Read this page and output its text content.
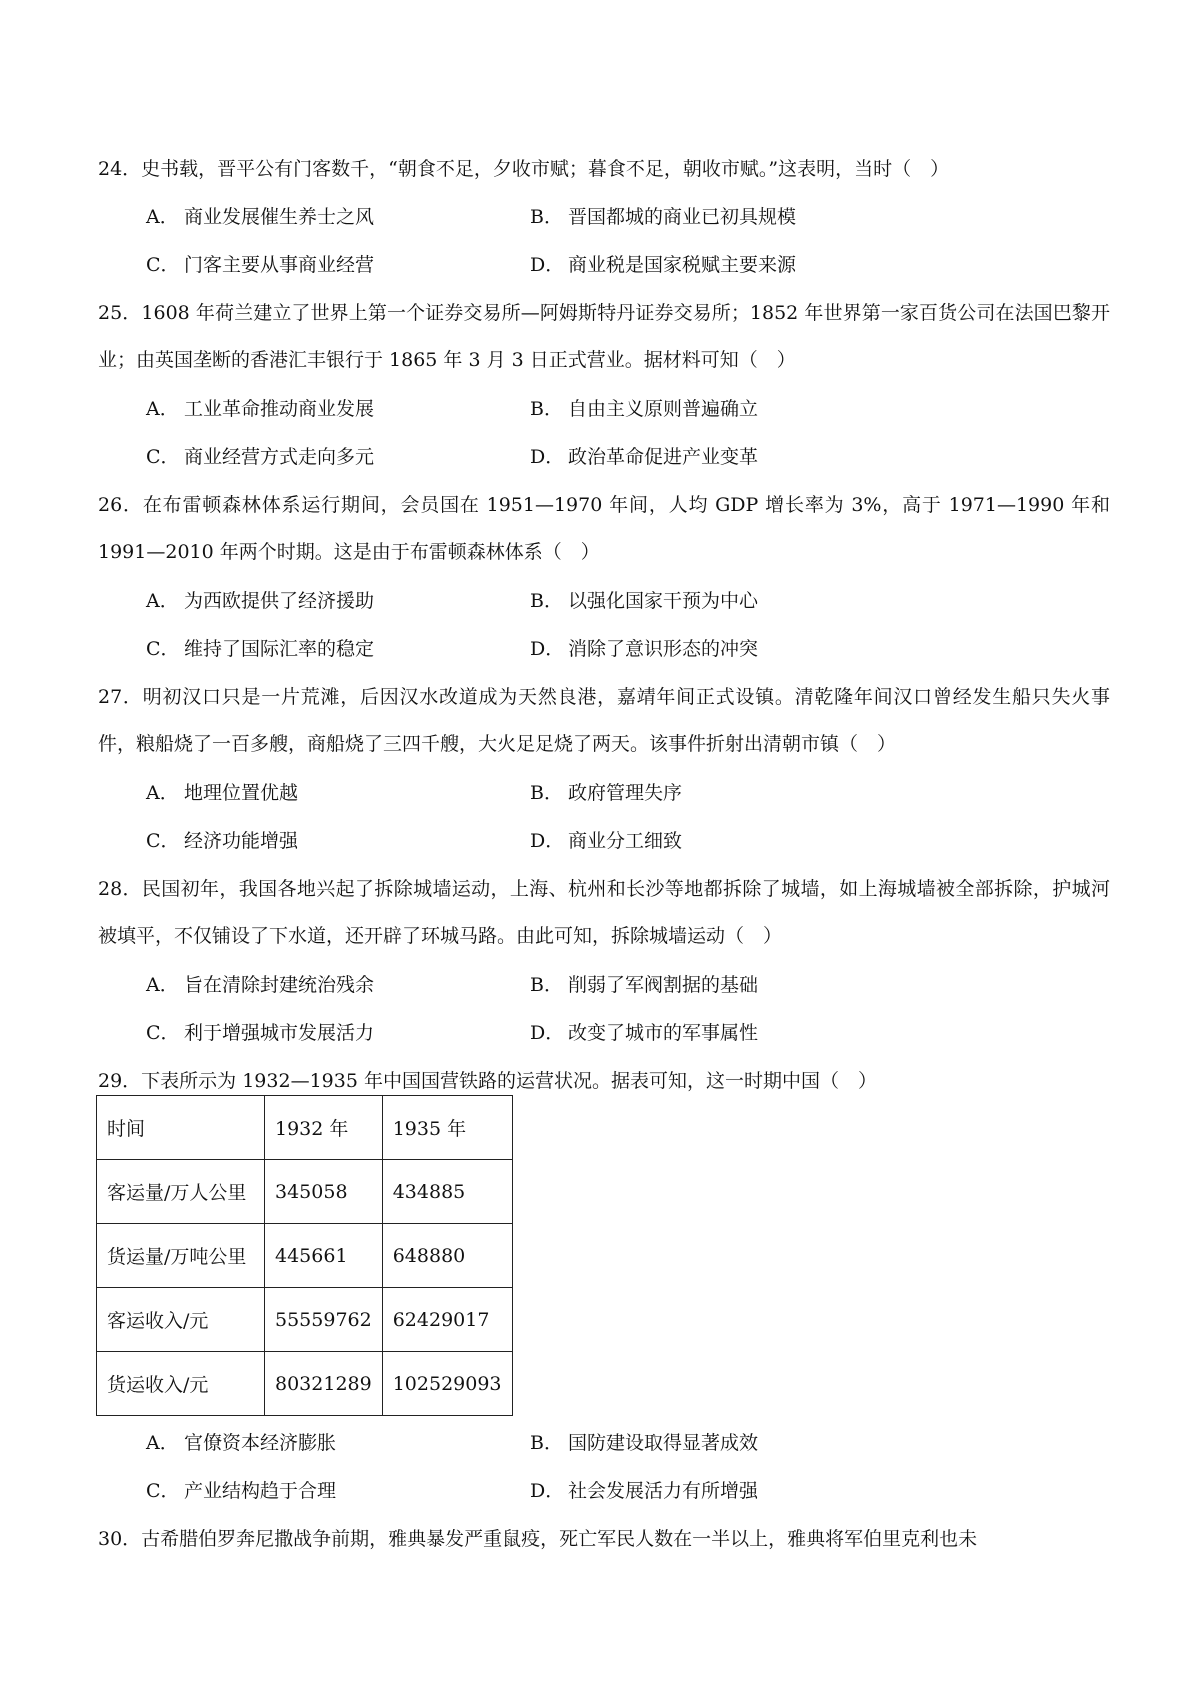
24．史书载，晋平公有门客数千，“朝食不足，夕收市赋；暮食不足，朝收市赋。”这表明，当时（　）

A． 商业发展催生养士之风	B． 晋国都城的商业已初具规模
C． 门客主要从事商业经营	D． 商业税是国家税赋主要来源

25．1608 年荷兰建立了世界上第一个证券交易所—阿姆斯特丹证券交易所；1852 年世界第一家百货公司在法国巴黎开业；由英国垄断的香港汇丰银行于 1865 年 3 月 3 日正式营业。据材料可知（　）

A． 工业革命推动商业发展	B． 自由主义原则普遍确立
C． 商业经营方式走向多元	D． 政治革命促进产业变革

26．在布雷顿森林体系运行期间，会员国在 1951—1970 年间，人均 GDP 增长率为 3%，高于 1971—1990 年和 1991—2010 年两个时期。这是由于布雷顿森林体系（　）

A． 为西欧提供了经济援助	B． 以强化国家干预为中心
C． 维持了国际汇率的稳定	D． 消除了意识形态的冲突

27．明初汉口只是一片荒滩，后因汉水改道成为天然良港，嘉靖年间正式设镇。清乾隆年间汉口曾经发生船只失火事件，粮船烧了一百多艘，商船烧了三四千艘，大火足足烧了两天。该事件折射出清朝市镇（　）

A． 地理位置优越	B． 政府管理失序
C． 经济功能增强	D． 商业分工细致

28．民国初年，我国各地兴起了拆除城墙运动，上海、杭州和长沙等地都拆除了城墙，如上海城墙被全部拆除，护城河被填平，不仅铺设了下水道，还开辟了环城马路。由此可知，拆除城墙运动（　）

A． 旨在清除封建统治残余	B． 削弱了军阀割据的基础
C． 利于增强城市发展活力	D． 改变了城市的军事属性

29．下表所示为 1932—1935 年中国国营铁路的运营状况。据表可知，这一时期中国（　）

时间	1932 年	1935 年
客运量/万人公里	345058	434885
货运量/万吨公里	445661	648880
客运收入/元	55559762	62429017
货运收入/元	80321289	102529093
A． 官僚资本经济膨胀	B． 国防建设取得显著成效
C． 产业结构趋于合理	D． 社会发展活力有所增强

30．古希腊伯罗奔尼撒战争前期，雅典暴发严重鼠疫，死亡军民人数在一半以上，雅典将军伯里克利也未
